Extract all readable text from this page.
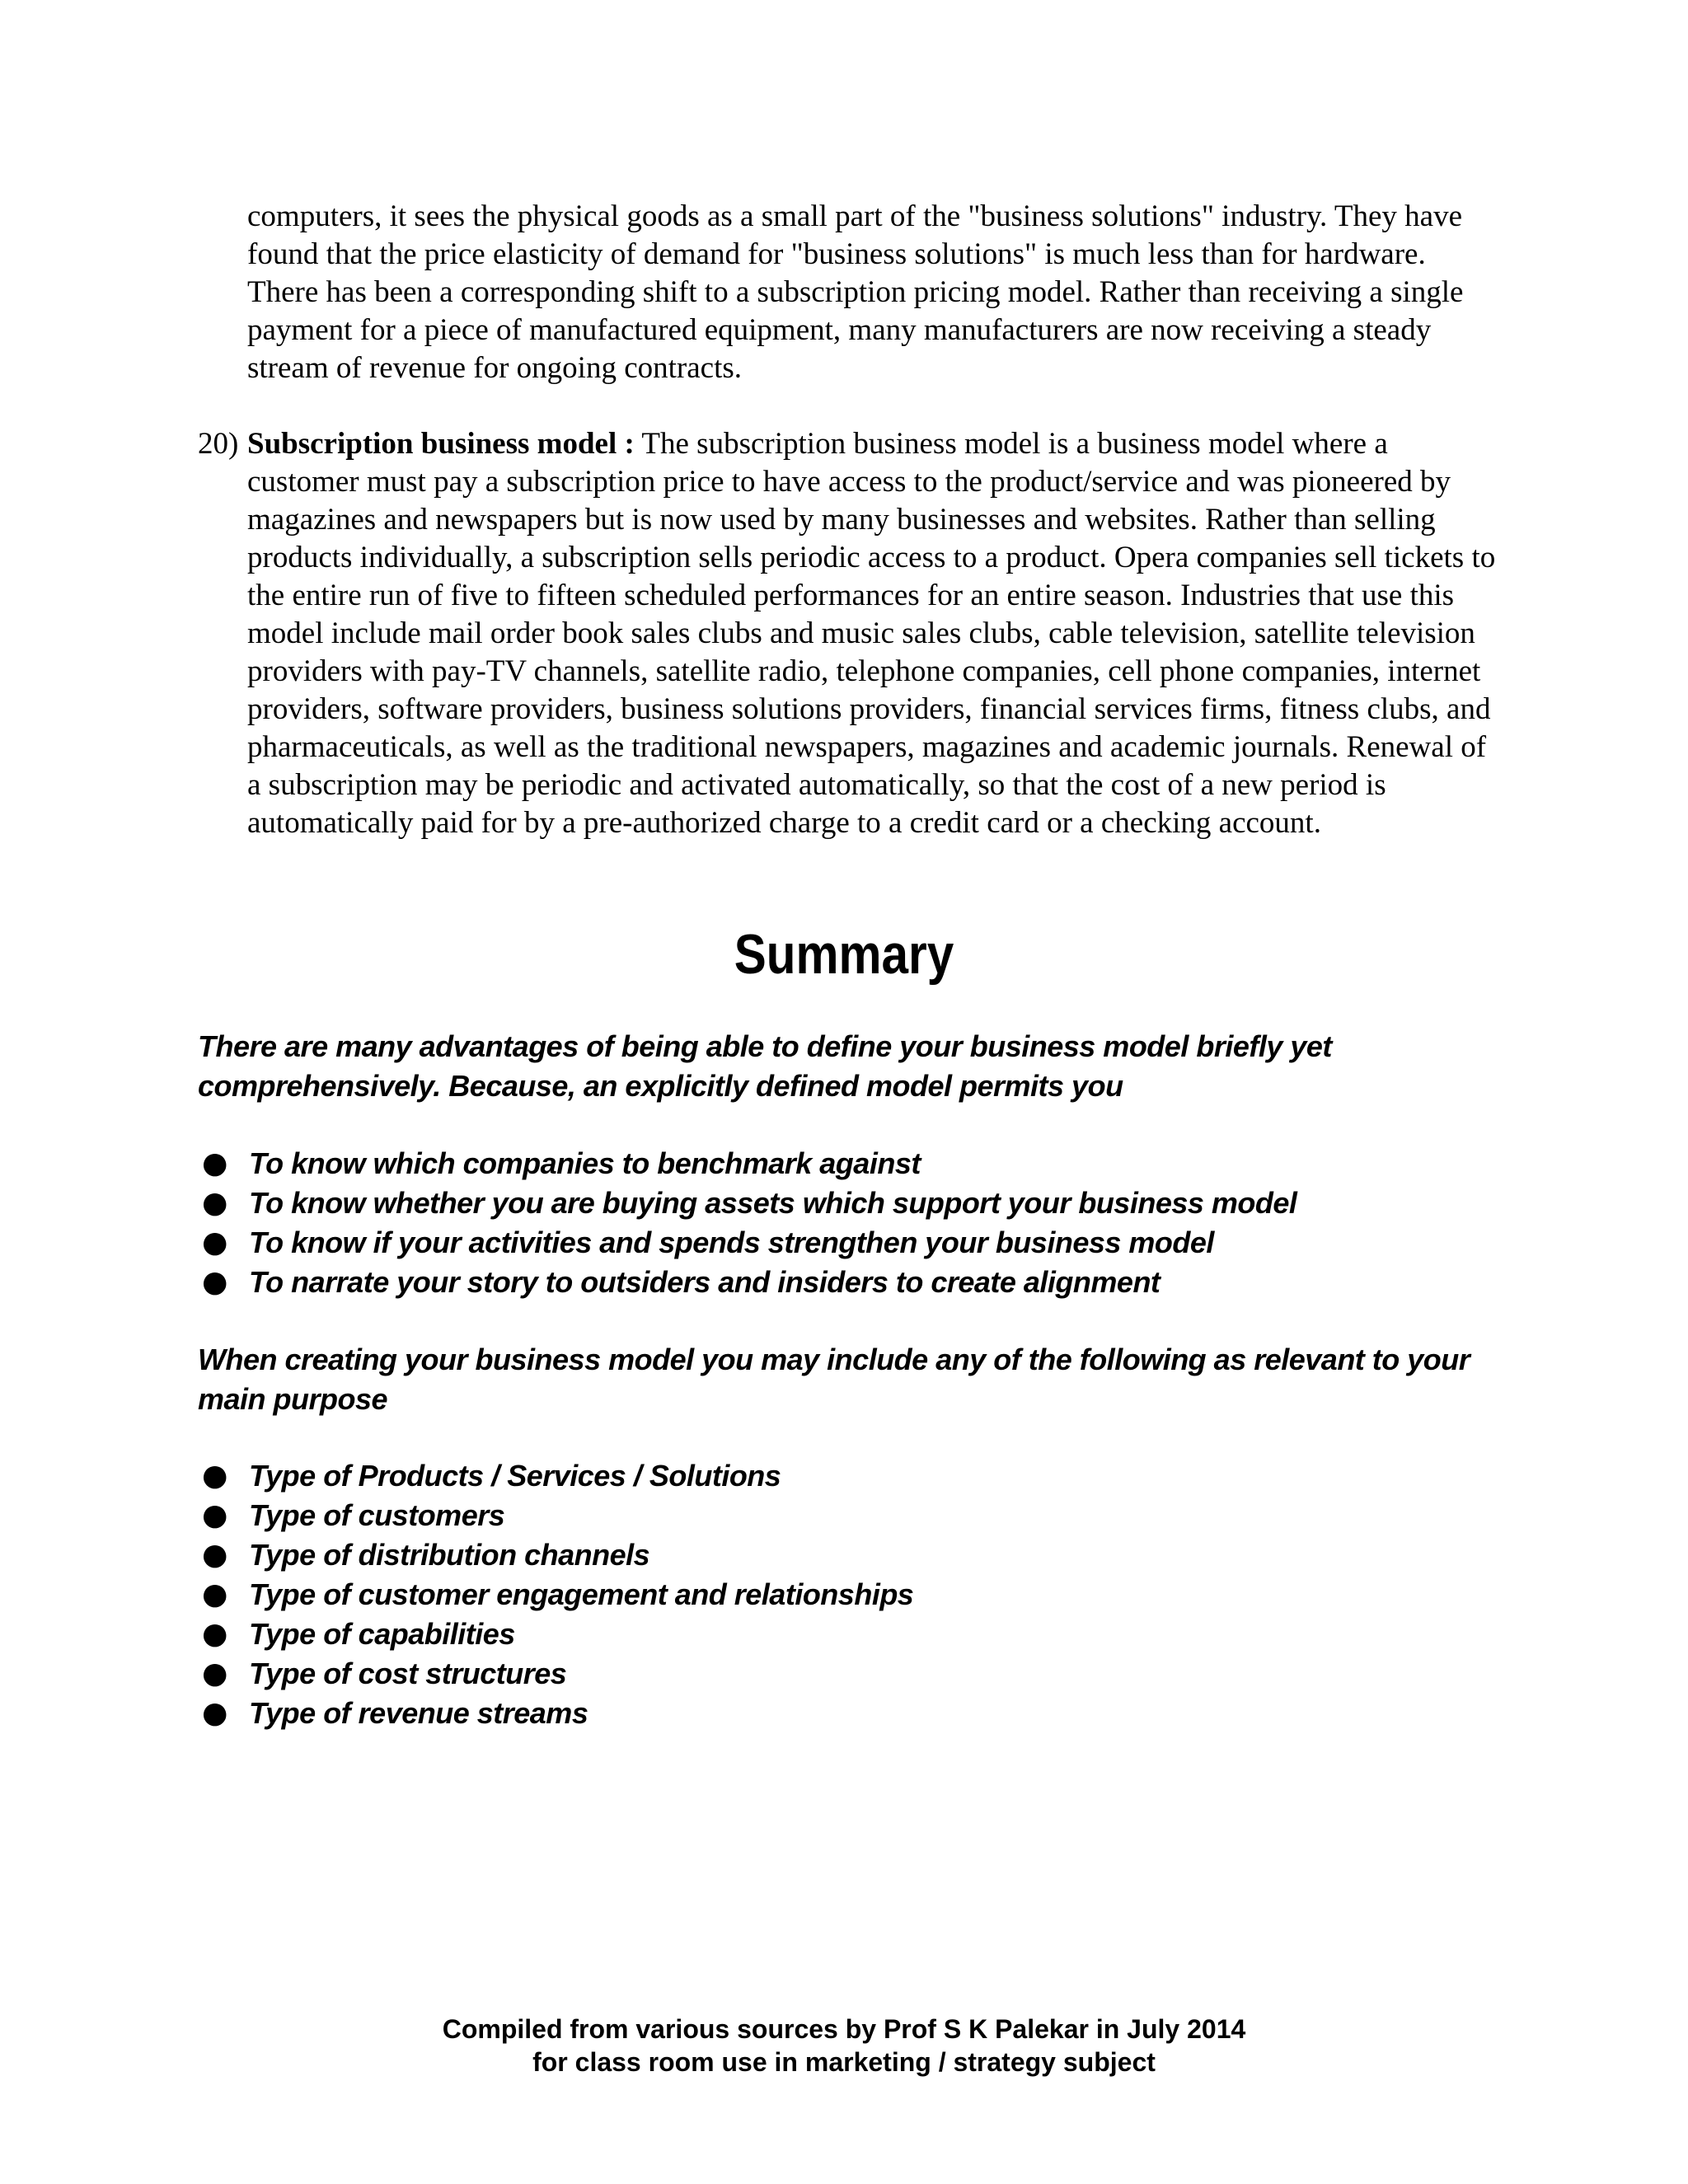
computers, it sees the physical goods as a small part of the "business solutions" industry. They have found that the price elasticity of demand for "business solutions" is much less than for hardware. There has been a corresponding shift to a subscription pricing model. Rather than receiving a single payment for a piece of manufactured equipment, many manufacturers are now receiving a steady stream of revenue for ongoing contracts.

20) Subscription business model : The subscription business model is a business model where a customer must pay a subscription price to have access to the product/service and was pioneered by magazines and newspapers but is now used by many businesses and websites. Rather than selling products individually, a subscription sells periodic access to a product. Opera companies sell tickets to the entire run of five to fifteen scheduled performances for an entire season. Industries that use this model include mail order book sales clubs and music sales clubs, cable television, satellite television providers with pay-TV channels, satellite radio, telephone companies, cell phone companies, internet providers, software providers, business solutions providers, financial services firms, fitness clubs, and pharmaceuticals, as well as the traditional newspapers, magazines and academic journals. Renewal of a subscription may be periodic and activated automatically, so that the cost of a new period is automatically paid for by a pre-authorized charge to a credit card or a checking account.
Summary

There are many advantages of being able to define your business model briefly yet comprehensively. Because, an explicitly defined model permits you

● To know which companies to benchmark against
● To know whether you are buying assets which support your business model
● To know if your activities and spends strengthen your business model
● To narrate your story to outsiders and insiders to create alignment

When creating your business model you may include any of the following as relevant to your main purpose

● Type of Products / Services / Solutions
● Type of customers
● Type of distribution channels
● Type of customer engagement and relationships
● Type of capabilities
● Type of cost structures
● Type of revenue streams
Compiled from various sources by Prof S K Palekar in July 2014
for class room use in marketing / strategy subject
